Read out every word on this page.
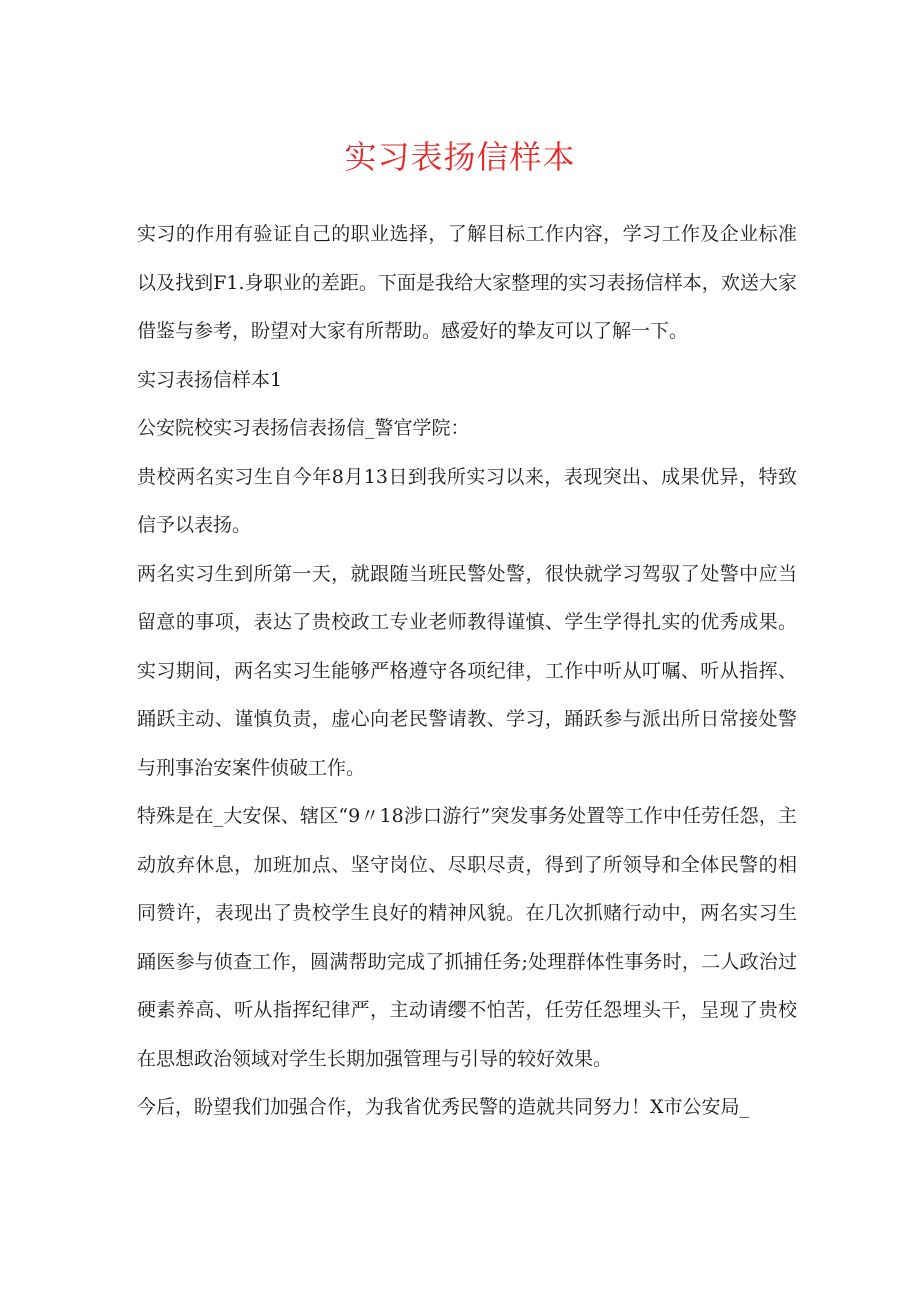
实习表扬信样本

实习的作用有验证自己的职业选择，了解目标工作内容，学习工作及企业标准以及找到F1.身职业的差距。下面是我给大家整理的实习表扬信样本，欢送大家借鉴与参考，盼望对大家有所帮助。感爱好的挚友可以了解一下。

实习表扬信样本1

公安院校实习表扬信表扬信_警官学院：

贵校两名实习生自今年8月13日到我所实习以来，表现突出、成果优异，特致信予以表扬。

两名实习生到所第一天，就跟随当班民警处警，很快就学习驾驭了处警中应当留意的事项，表达了贵校政工专业老师教得谨慎、学生学得扎实的优秀成果。实习期间，两名实习生能够严格遵守各项纪律，工作中听从叮嘱、听从指挥、踊跃主动、谨慎负责，虚心向老民警请教、学习，踊跃参与派出所日常接处警与刑事治安案件侦破工作。

特殊是在_大安保、辖区“9〃18涉口游行”突发事务处置等工作中任劳任怨，主动放弃休息，加班加点、坚守岗位、尽职尽责，得到了所领导和全体民警的相同赞许，表现出了贵校学生良好的精神风貌。在几次抓赌行动中，两名实习生踊医参与侦查工作，圆满帮助完成了抓捕任务;处理群体性事务时，二人政治过硬素养高、听从指挥纪律严，主动请缨不怕苦，任劳任怨埋头干，呈现了贵校在思想政治领域对学生长期加强管理与引导的较好效果。

今后，盼望我们加强合作，为我省优秀民警的造就共同努力！X市公安局_
